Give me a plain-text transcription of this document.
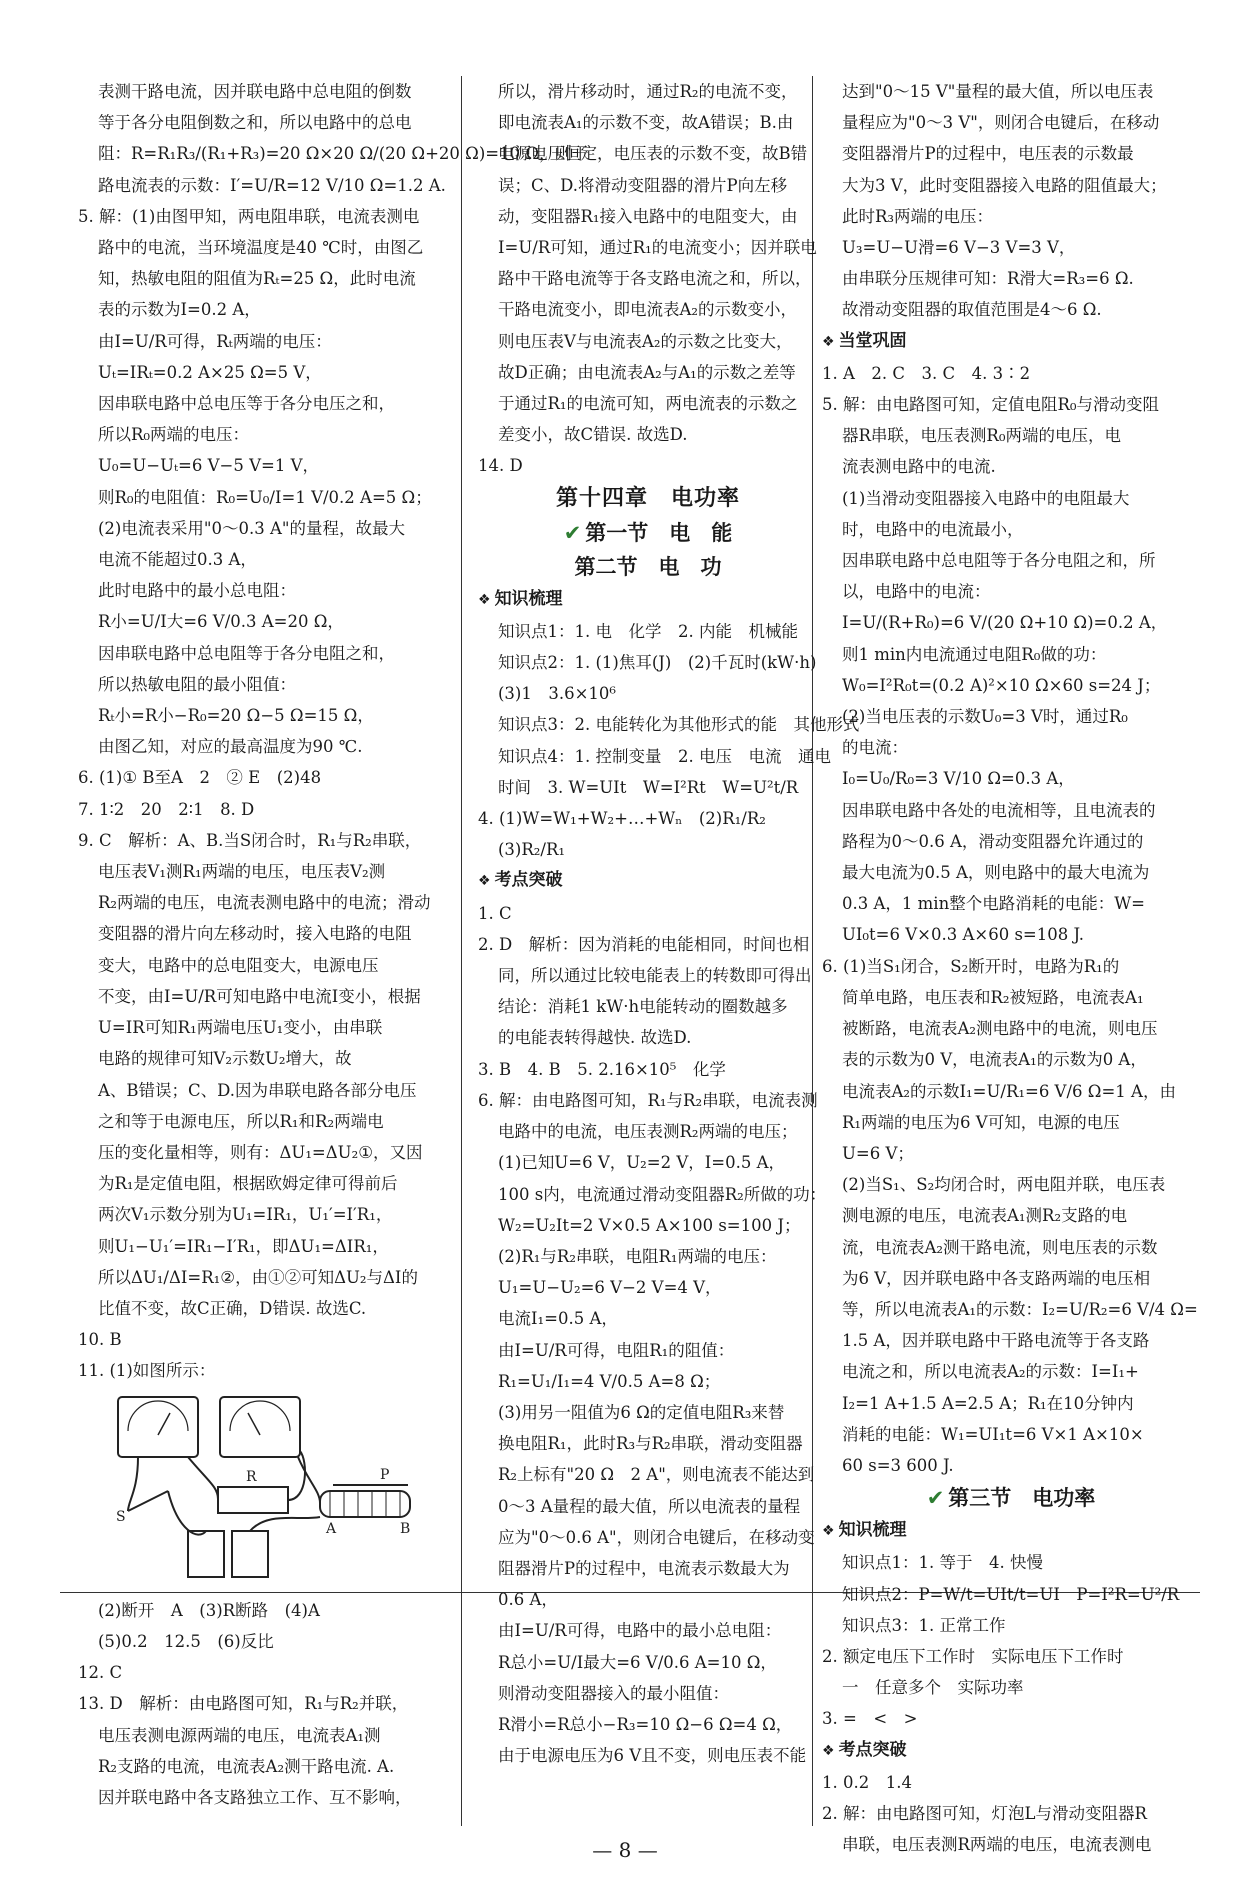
表测干路电流，因并联电路中总电阻的倒数
等于各分电阻倒数之和，所以电路中的总电
阻：R=R₁R₃/(R₁+R₃)=20 Ω×20 Ω/(20 Ω+20 Ω)=10 Ω，则干
路电流表的示数：I′=U/R=12 V/10 Ω=1.2 A.
5. 解：(1)由图甲知，两电阻串联，电流表测电
路中的电流，当环境温度是40 ℃时，由图乙
知，热敏电阻的阻值为Rₜ=25 Ω，此时电流
表的示数为I=0.2 A，
由I=U/R可得，Rₜ两端的电压：
Uₜ=IRₜ=0.2 A×25 Ω=5 V，
因串联电路中总电压等于各分电压之和，
所以R₀两端的电压：
U₀=U−Uₜ=6 V−5 V=1 V，
则R₀的电阻值：R₀=U₀/I=1 V/0.2 A=5 Ω；
(2)电流表采用"0～0.3 A"的量程，故最大
电流不能超过0.3 A，
此时电路中的最小总电阻：
R小=U/I大=6 V/0.3 A=20 Ω，
因串联电路中总电阻等于各分电阻之和，
所以热敏电阻的最小阻值：
Rₜ小=R小−R₀=20 Ω−5 Ω=15 Ω，
由图乙知，对应的最高温度为90 ℃.
6. (1)① B至A　2　② E　(2)48
7. 1∶2　20　2∶1　8. D
9. C　解析：A、B.当S闭合时，R₁与R₂串联，
电压表V₁测R₁两端的电压，电压表V₂测
R₂两端的电压，电流表测电路中的电流；滑动
变阻器的滑片向左移动时，接入电路的电阻
变大，电路中的总电阻变大，电源电压
不变，由I=U/R可知电路中电流I变小，根据
U=IR可知R₁两端电压U₁变小，由串联
电路的规律可知V₂示数U₂增大，故
A、B错误；C、D.因为串联电路各部分电压
之和等于电源电压，所以R₁和R₂两端电
压的变化量相等，则有：ΔU₁=ΔU₂①，又因
为R₁是定值电阻，根据欧姆定律可得前后
两次V₁示数分别为U₁=IR₁，U₁′=I′R₁，
则U₁−U₁′=IR₁−I′R₁，即ΔU₁=ΔIR₁，
所以ΔU₁/ΔI=R₁②，由①②可知ΔU₂与ΔI的
比值不变，故C正确，D错误. 故选C.
10. B
11. (1)如图所示：
S
R	P
A	B
(2)断开　A　(3)R断路　(4)A
(5)0.2　12.5　(6)反比
12. C
13. D　解析：由电路图可知，R₁与R₂并联，
电压表测电源两端的电压，电流表A₁测
R₂支路的电流，电流表A₂测干路电流. A.
因并联电路中各支路独立工作、互不影响，
所以，滑片移动时，通过R₂的电流不变，
即电流表A₁的示数不变，故A错误；B.由
电源电压恒定，电压表的示数不变，故B错
误；C、D.将滑动变阻器的滑片P向左移
动，变阻器R₁接入电路中的电阻变大，由
I=U/R可知，通过R₁的电流变小；因并联电
路中干路电流等于各支路电流之和，所以，
干路电流变小，即电流表A₂的示数变小，
则电压表V与电流表A₂的示数之比变大，
故D正确；由电流表A₂与A₁的示数之差等
于通过R₁的电流可知，两电流表的示数之
差变小，故C错误. 故选D.
14. D
第十四章　电功率
✔ 第一节　电　能
第二节　电　功
❖ 知识梳理
知识点1：1. 电　化学　2. 内能　机械能
知识点2：1. (1)焦耳(J)　(2)千瓦时(kW·h)
(3)1　3.6×10⁶
知识点3：2. 电能转化为其他形式的能　其他形式
知识点4：1. 控制变量　2. 电压　电流　通电
时间　3. W=UIt　W=I²Rt　W=U²t/R
4. (1)W=W₁+W₂+…+Wₙ　(2)R₁/R₂
(3)R₂/R₁
❖ 考点突破
1. C
2. D　解析：因为消耗的电能相同，时间也相
同，所以通过比较电能表上的转数即可得出
结论：消耗1 kW·h电能转动的圈数越多
的电能表转得越快. 故选D.
3. B　4. B　5. 2.16×10⁵　化学
6. 解：由电路图可知，R₁与R₂串联，电流表测
电路中的电流，电压表测R₂两端的电压；
(1)已知U=6 V，U₂=2 V，I=0.5 A，
100 s内，电流通过滑动变阻器R₂所做的功：
W₂=U₂It=2 V×0.5 A×100 s=100 J；
(2)R₁与R₂串联，电阻R₁两端的电压：
U₁=U−U₂=6 V−2 V=4 V，
电流I₁=0.5 A，
由I=U/R可得，电阻R₁的阻值：
R₁=U₁/I₁=4 V/0.5 A=8 Ω；
(3)用另一阻值为6 Ω的定值电阻R₃来替
换电阻R₁，此时R₃与R₂串联，滑动变阻器
R₂上标有"20 Ω　2 A"，则电流表不能达到
0～3 A量程的最大值，所以电流表的量程
应为"0～0.6 A"，则闭合电键后，在移动变
阻器滑片P的过程中，电流表示数最大为
0.6 A，
由I=U/R可得，电路中的最小总电阻：
R总小=U/I最大=6 V/0.6 A=10 Ω，
则滑动变阻器接入的最小阻值：
R滑小=R总小−R₃=10 Ω−6 Ω=4 Ω，
由于电源电压为6 V且不变，则电压表不能
达到"0～15 V"量程的最大值，所以电压表
量程应为"0～3 V"，则闭合电键后，在移动
变阻器滑片P的过程中，电压表的示数最
大为3 V，此时变阻器接入电路的阻值最大；
此时R₃两端的电压：
U₃=U−U滑=6 V−3 V=3 V，
由串联分压规律可知：R滑大=R₃=6 Ω.
故滑动变阻器的取值范围是4～6 Ω.
❖ 当堂巩固
1. A　2. C　3. C　4. 3∶2
5. 解：由电路图可知，定值电阻R₀与滑动变阻
器R串联，电压表测R₀两端的电压，电
流表测电路中的电流.
(1)当滑动变阻器接入电路中的电阻最大
时，电路中的电流最小，
因串联电路中总电阻等于各分电阻之和，所
以，电路中的电流：
I=U/(R+R₀)=6 V/(20 Ω+10 Ω)=0.2 A，
则1 min内电流通过电阻R₀做的功：
W₀=I²R₀t=(0.2 A)²×10 Ω×60 s=24 J；
(2)当电压表的示数U₀=3 V时，通过R₀
的电流：
I₀=U₀/R₀=3 V/10 Ω=0.3 A，
因串联电路中各处的电流相等，且电流表的
路程为0～0.6 A，滑动变阻器允许通过的
最大电流为0.5 A，则电路中的最大电流为
0.3 A，1 min整个电路消耗的电能：W=
UI₀t=6 V×0.3 A×60 s=108 J.
6. (1)当S₁闭合，S₂断开时，电路为R₁的
简单电路，电压表和R₂被短路，电流表A₁
被断路，电流表A₂测电路中的电流，则电压
表的示数为0 V，电流表A₁的示数为0 A，
电流表A₂的示数I₁=U/R₁=6 V/6 Ω=1 A，由
R₁两端的电压为6 V可知，电源的电压
U=6 V；
(2)当S₁、S₂均闭合时，两电阻并联，电压表
测电源的电压，电流表A₁测R₂支路的电
流，电流表A₂测干路电流，则电压表的示数
为6 V，因并联电路中各支路两端的电压相
等，所以电流表A₁的示数：I₂=U/R₂=6 V/4 Ω=
1.5 A，因并联电路中干路电流等于各支路
电流之和，所以电流表A₂的示数：I=I₁+
I₂=1 A+1.5 A=2.5 A；R₁在10分钟内
消耗的电能：W₁=UI₁t=6 V×1 A×10×
60 s=3 600 J.
✔ 第三节　电功率
❖ 知识梳理
知识点1：1. 等于　4. 快慢
知识点2：P=W/t=UIt/t=UI　P=I²R=U²/R
知识点3：1. 正常工作
2. 额定电压下工作时　实际电压下工作时
一　任意多个　实际功率
3. =　<　>
❖ 考点突破
1. 0.2　1.4
2. 解：由电路图可知，灯泡L与滑动变阻器R
串联，电压表测R两端的电压，电流表测电
— 8 —
